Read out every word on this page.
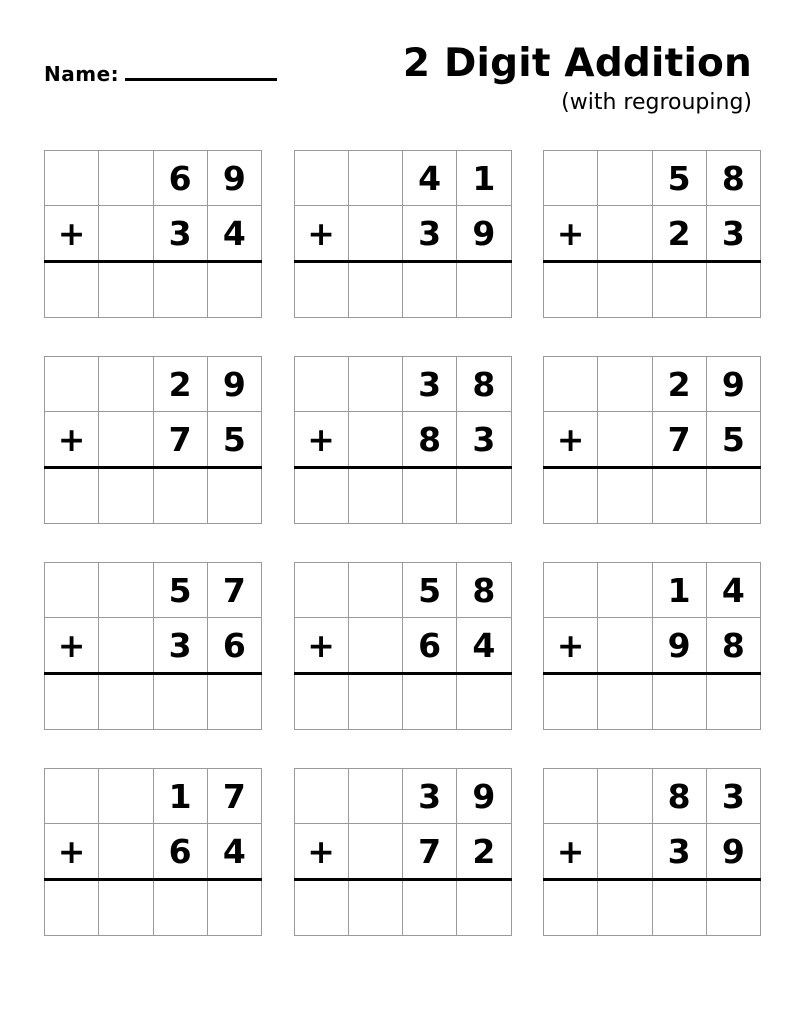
Name:	2 Digit Addition
(with regrouping)
		6	9
+		3	4

		4	1
+		3	9

		5	8
+		2	3

		2	9
+		7	5

		3	8
+		8	3

		2	9
+		7	5

		5	7
+		3	6

		5	8
+		6	4

		1	4
+		9	8

		1	7
+		6	4

		3	9
+		7	2

		8	3
+		3	9
